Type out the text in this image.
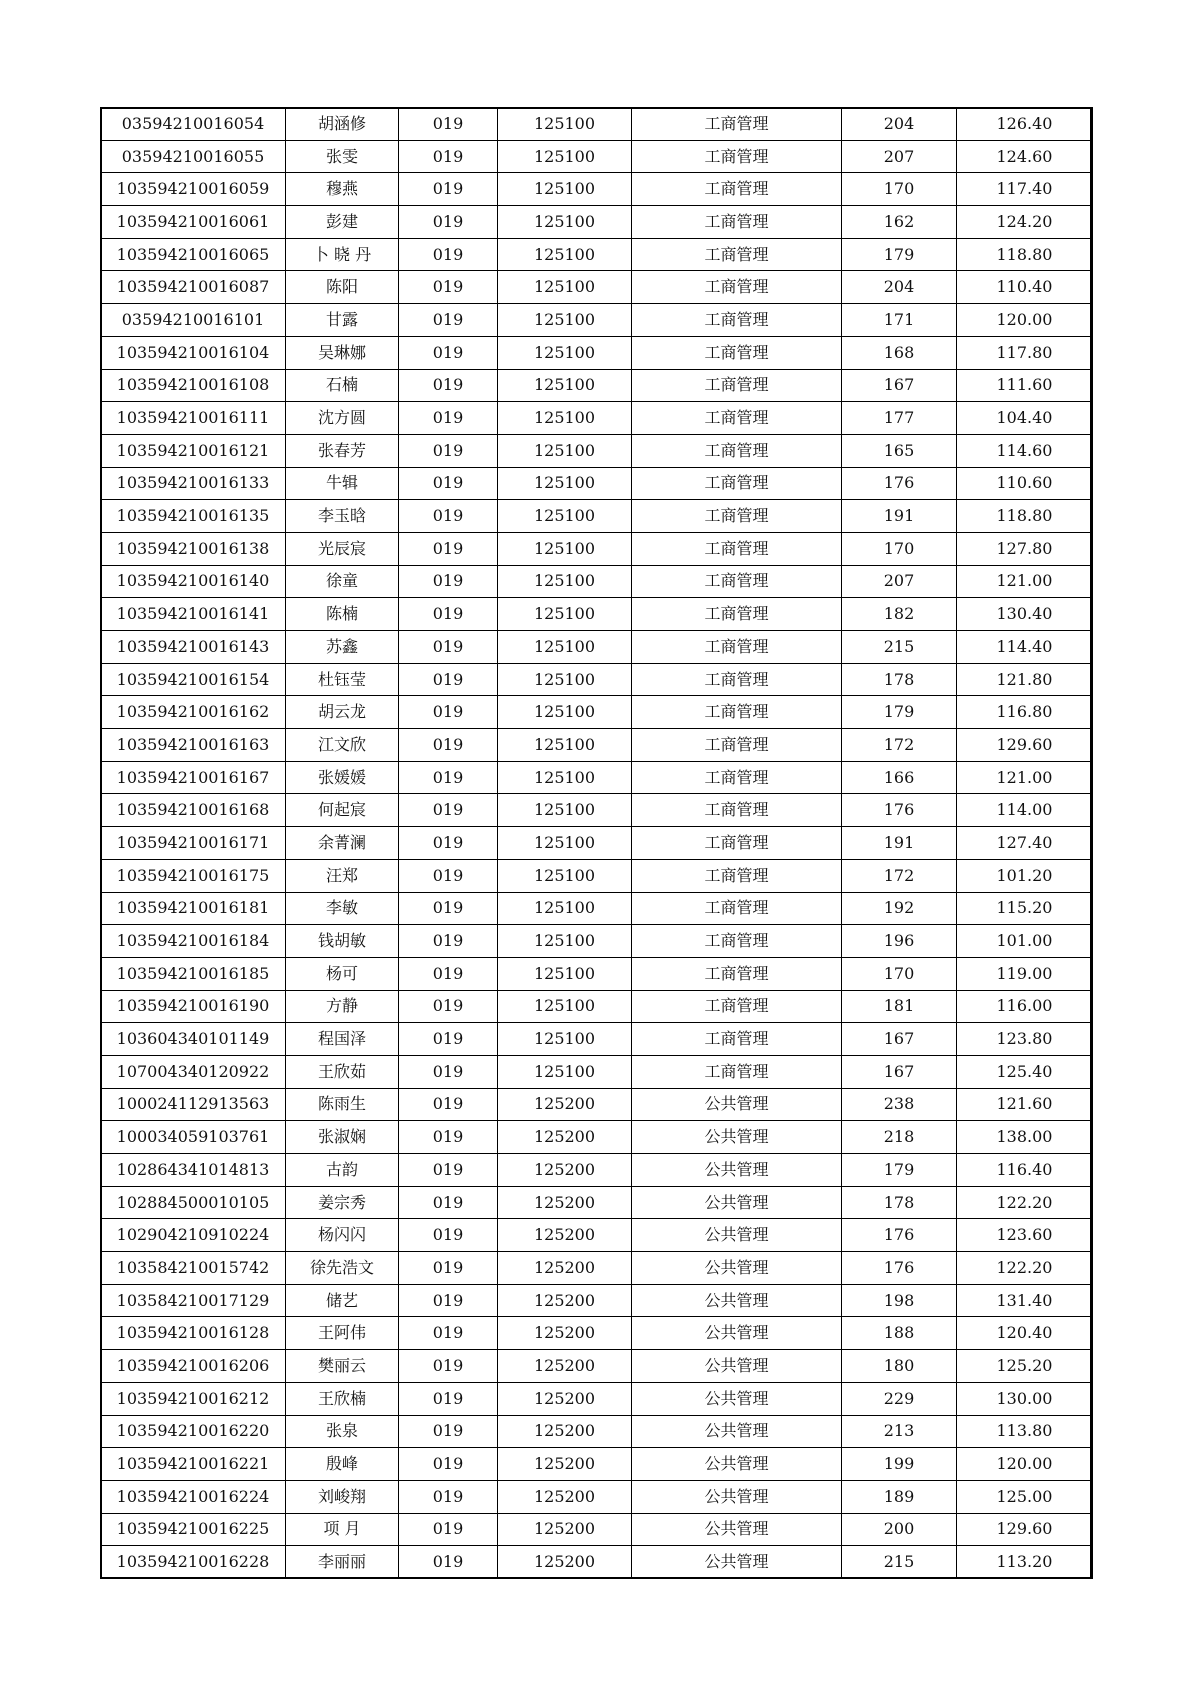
03594210016054	胡涵修	019	125100	工商管理	204	126.40
03594210016055	张雯	019	125100	工商管理	207	124.60
103594210016059	穆燕	019	125100	工商管理	170	117.40
103594210016061	彭建	019	125100	工商管理	162	124.20
103594210016065	卜 晓 丹	019	125100	工商管理	179	118.80
103594210016087	陈阳	019	125100	工商管理	204	110.40
03594210016101	甘露	019	125100	工商管理	171	120.00
103594210016104	吴琳娜	019	125100	工商管理	168	117.80
103594210016108	石楠	019	125100	工商管理	167	111.60
103594210016111	沈方圆	019	125100	工商管理	177	104.40
103594210016121	张春芳	019	125100	工商管理	165	114.60
103594210016133	牛辑	019	125100	工商管理	176	110.60
103594210016135	李玉晗	019	125100	工商管理	191	118.80
103594210016138	光辰宸	019	125100	工商管理	170	127.80
103594210016140	徐童	019	125100	工商管理	207	121.00
103594210016141	陈楠	019	125100	工商管理	182	130.40
103594210016143	苏鑫	019	125100	工商管理	215	114.40
103594210016154	杜钰莹	019	125100	工商管理	178	121.80
103594210016162	胡云龙	019	125100	工商管理	179	116.80
103594210016163	江文欣	019	125100	工商管理	172	129.60
103594210016167	张媛媛	019	125100	工商管理	166	121.00
103594210016168	何起宸	019	125100	工商管理	176	114.00
103594210016171	余菁澜	019	125100	工商管理	191	127.40
103594210016175	汪郑	019	125100	工商管理	172	101.20
103594210016181	李敏	019	125100	工商管理	192	115.20
103594210016184	钱胡敏	019	125100	工商管理	196	101.00
103594210016185	杨可	019	125100	工商管理	170	119.00
103594210016190	方静	019	125100	工商管理	181	116.00
103604340101149	程国泽	019	125100	工商管理	167	123.80
107004340120922	王欣茹	019	125100	工商管理	167	125.40
100024112913563	陈雨生	019	125200	公共管理	238	121.60
100034059103761	张淑娴	019	125200	公共管理	218	138.00
102864341014813	古韵	019	125200	公共管理	179	116.40
102884500010105	姜宗秀	019	125200	公共管理	178	122.20
102904210910224	杨闪闪	019	125200	公共管理	176	123.60
103584210015742	徐先浩文	019	125200	公共管理	176	122.20
103584210017129	储艺	019	125200	公共管理	198	131.40
103594210016128	王阿伟	019	125200	公共管理	188	120.40
103594210016206	樊丽云	019	125200	公共管理	180	125.20
103594210016212	王欣楠	019	125200	公共管理	229	130.00
103594210016220	张泉	019	125200	公共管理	213	113.80
103594210016221	殷峰	019	125200	公共管理	199	120.00
103594210016224	刘峻翔	019	125200	公共管理	189	125.00
103594210016225	项 月	019	125200	公共管理	200	129.60
103594210016228	李丽丽	019	125200	公共管理	215	113.20
